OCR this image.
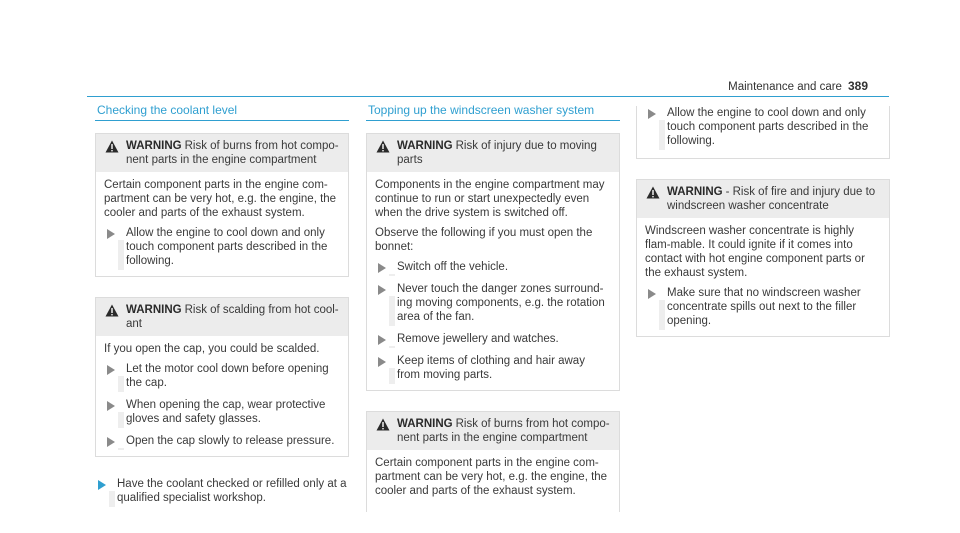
Maintenance and care 389
Checking the coolant level
WARNING Risk of burns from hot compo-nent parts in the engine compartment

Certain component parts in the engine com-partment can be very hot, e.g. the engine, the cooler and parts of the exhaust system.

Allow the engine to cool down and only touch component parts described in the following.
WARNING Risk of scalding from hot cool-ant

If you open the cap, you could be scalded.

Let the motor cool down before opening the cap.
When opening the cap, wear protective gloves and safety glasses.
Open the cap slowly to release pressure.
Have the coolant checked or refilled only at a qualified specialist workshop.
Topping up the windscreen washer system
WARNING Risk of injury due to moving parts

Components in the engine compartment may continue to run or start unexpectedly even when the drive system is switched off.

Observe the following if you must open the bonnet:

Switch off the vehicle.
Never touch the danger zones surround-ing moving components, e.g. the rotation area of the fan.
Remove jewellery and watches.
Keep items of clothing and hair away from moving parts.
WARNING Risk of burns from hot compo-nent parts in the engine compartment

Certain component parts in the engine com-partment can be very hot, e.g. the engine, the cooler and parts of the exhaust system.

Allow the engine to cool down and only touch component parts described in the following.
WARNING - Risk of fire and injury due to windscreen washer concentrate

Windscreen washer concentrate is highly flam-mable. It could ignite if it comes into contact with hot engine component parts or the exhaust system.

Make sure that no windscreen washer concentrate spills out next to the filler opening.
